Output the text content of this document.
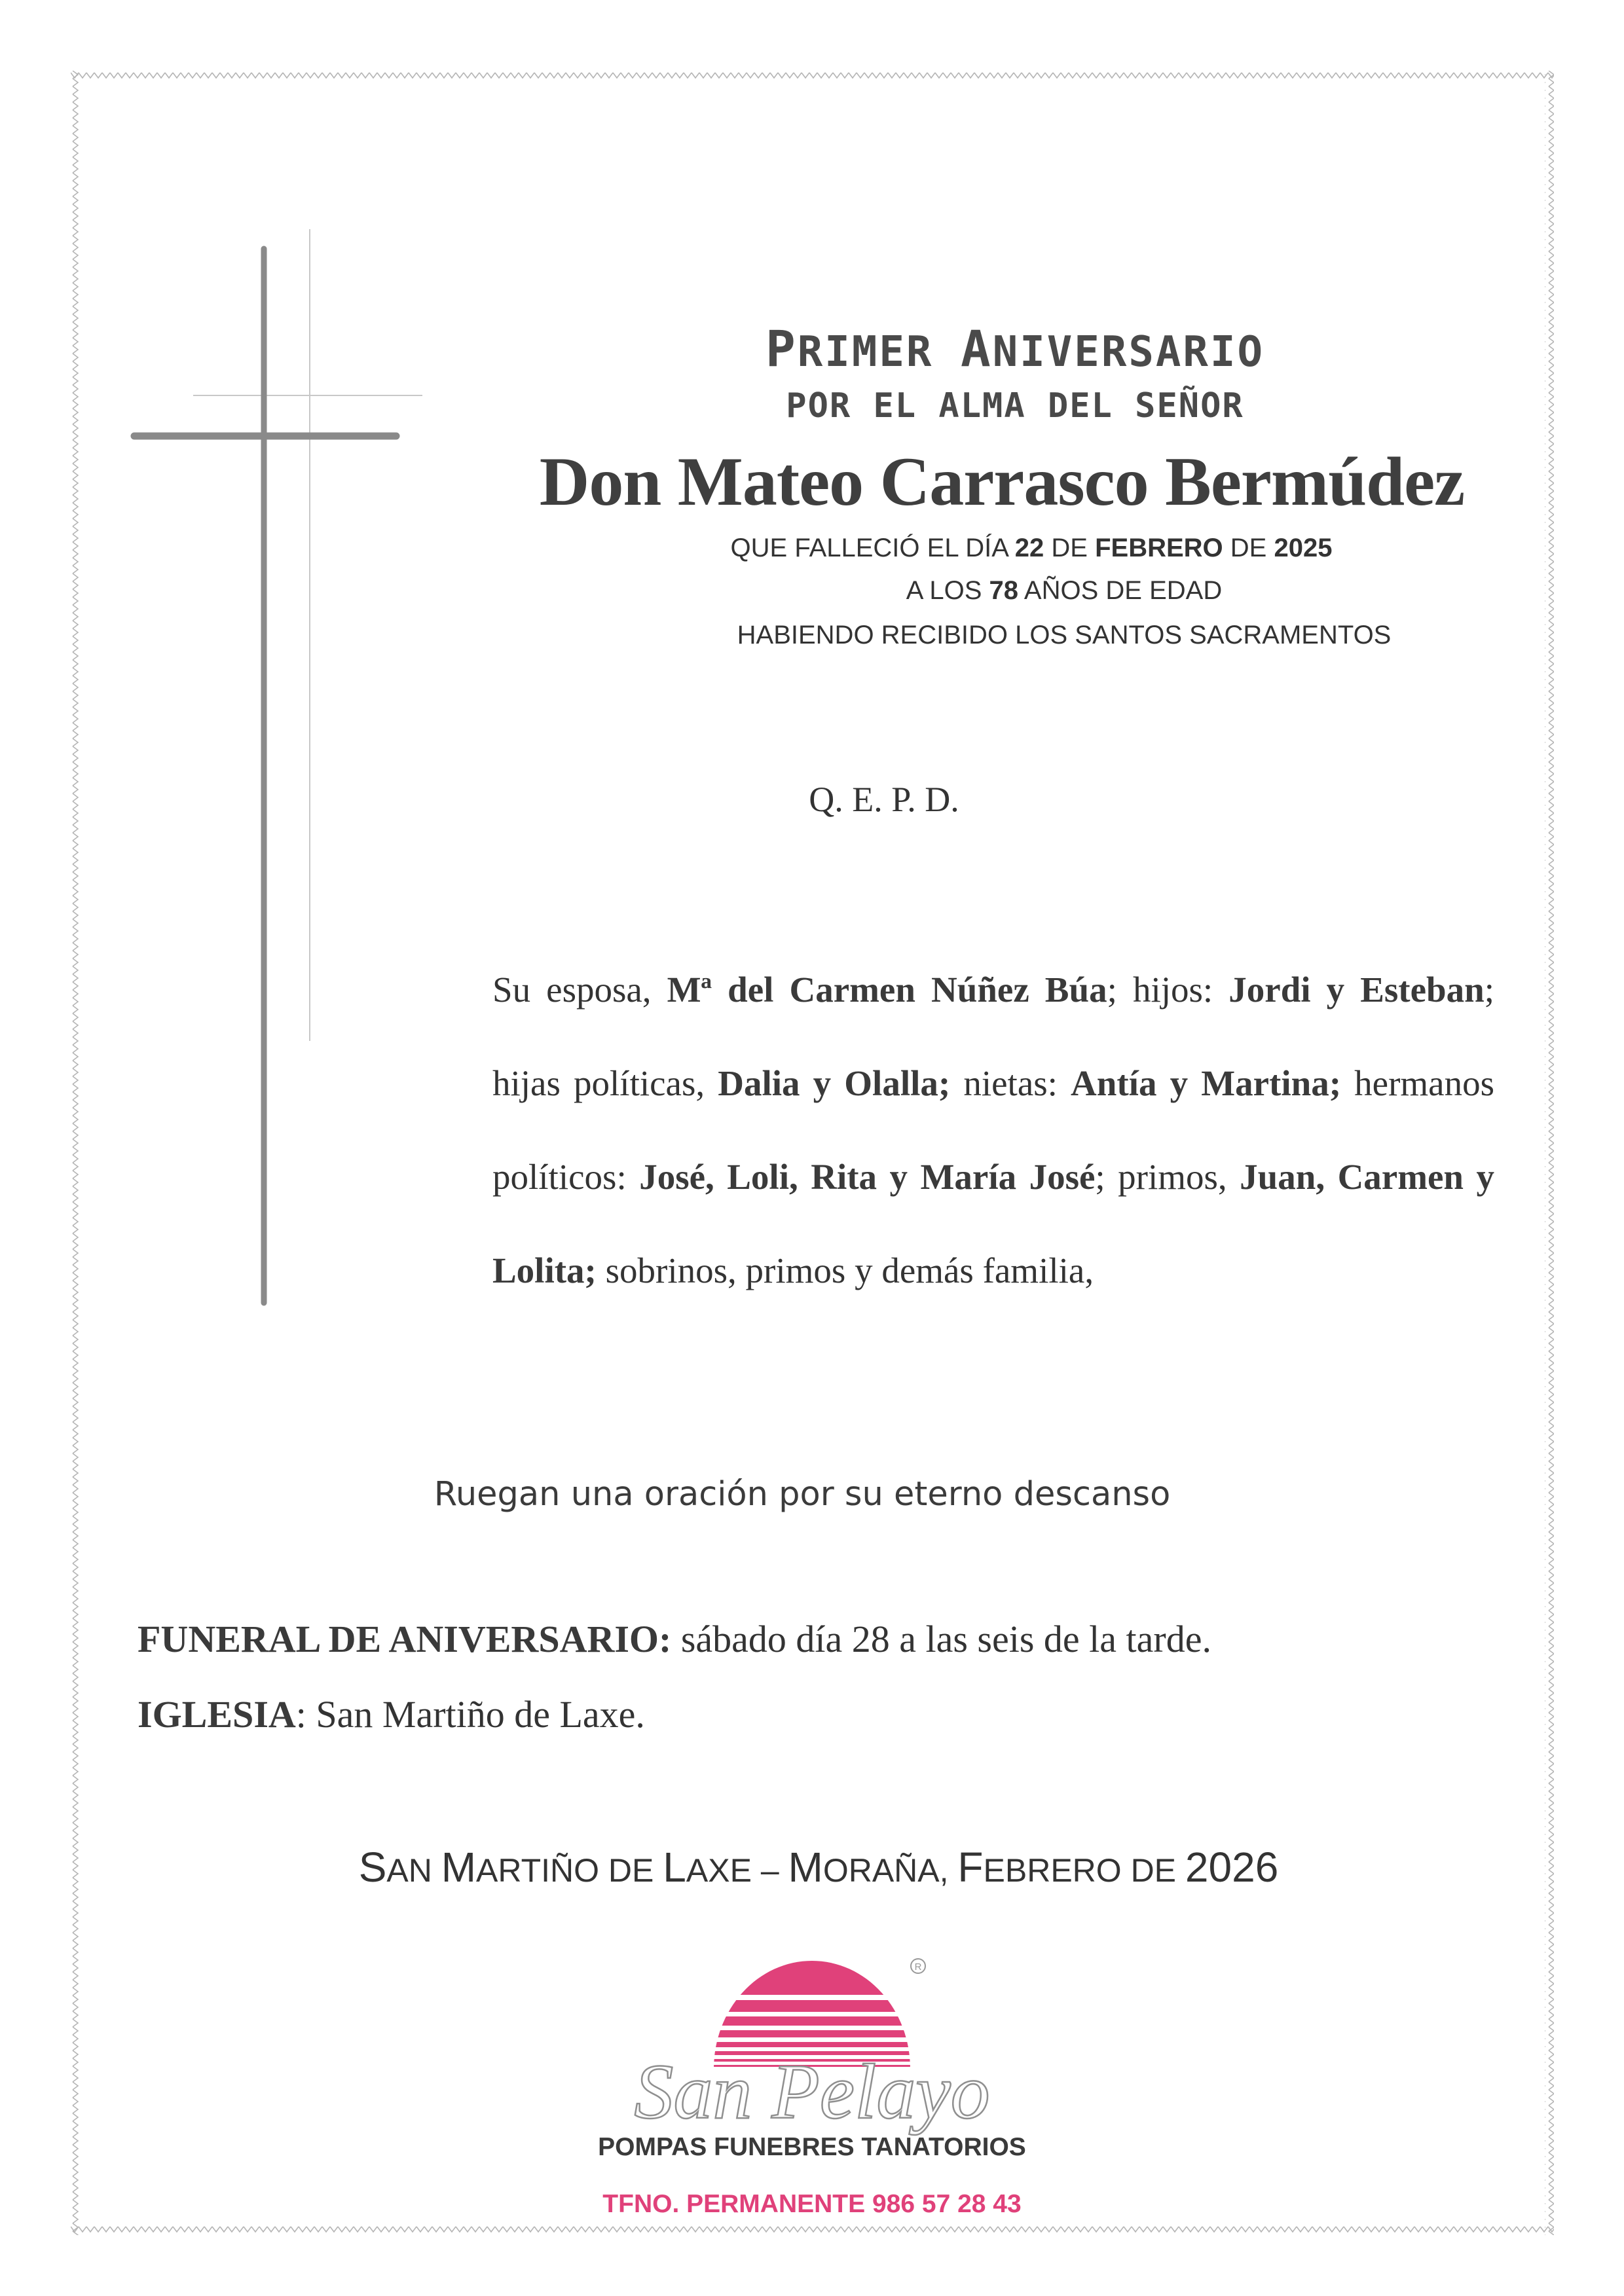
PRIMER ANIVERSARIO
POR EL ALMA DEL SEÑOR
Don Mateo Carrasco Bermúdez
QUE FALLECIÓ EL DÍA 22 DE FEBRERO DE 2025
A LOS 78 AÑOS DE EDAD
HABIENDO RECIBIDO LOS SANTOS SACRAMENTOS
Q. E. P. D.
Su esposa, Mª del Carmen Núñez Búa; hijos: Jordi y Esteban; hijas políticas, Dalia y Olalla; nietas: Antía y Martina; hermanos políticos: José, Loli, Rita y María José; primos, Juan, Carmen y Lolita; sobrinos, primos y demás familia,
Ruegan una oración por su eterno descanso
FUNERAL DE ANIVERSARIO: sábado día 28 a las seis de la tarde.
IGLESIA: San Martiño de Laxe.
SAN MARTIÑO DE LAXE – MORAÑA, FEBRERO DE 2026
R
San Pelayo
POMPAS FUNEBRES TANATORIOS
TFNO. PERMANENTE 986 57 28 43
